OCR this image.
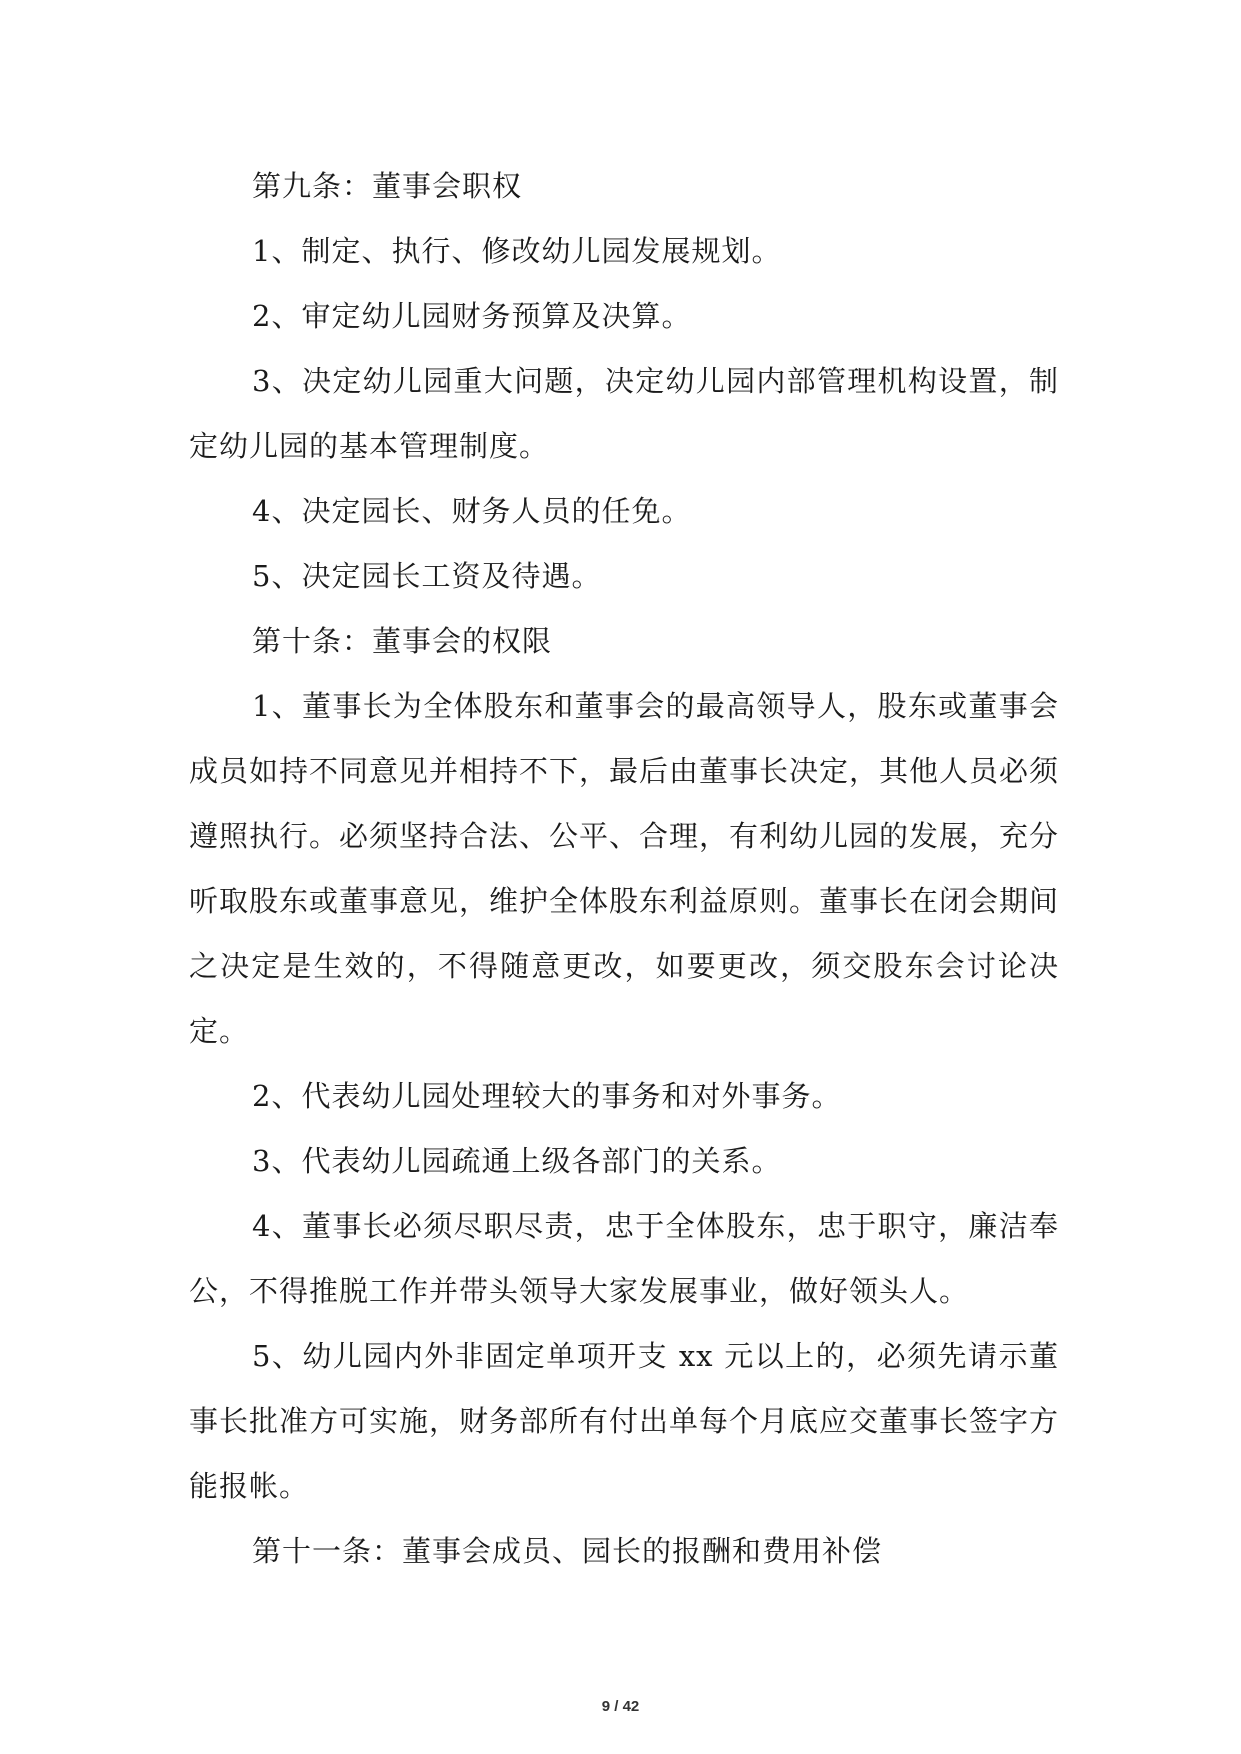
第九条：董事会职权

1、制定、执行、修改幼儿园发展规划。

2、审定幼儿园财务预算及决算。

3、决定幼儿园重大问题，决定幼儿园内部管理机构设置，制定幼儿园的基本管理制度。

4、决定园长、财务人员的任免。

5、决定园长工资及待遇。

第十条：董事会的权限

1、董事长为全体股东和董事会的最高领导人，股东或董事会成员如持不同意见并相持不下，最后由董事长决定，其他人员必须遵照执行。必须坚持合法、公平、合理，有利幼儿园的发展，充分听取股东或董事意见，维护全体股东利益原则。董事长在闭会期间之决定是生效的，不得随意更改，如要更改，须交股东会讨论决定。

2、代表幼儿园处理较大的事务和对外事务。

3、代表幼儿园疏通上级各部门的关系。

4、董事长必须尽职尽责，忠于全体股东，忠于职守，廉洁奉公，不得推脱工作并带头领导大家发展事业，做好领头人。

5、幼儿园内外非固定单项开支 xx 元以上的，必须先请示董事长批准方可实施，财务部所有付出单每个月底应交董事长签字方能报帐。

第十一条：董事会成员、园长的报酬和费用补偿

9 / 42
